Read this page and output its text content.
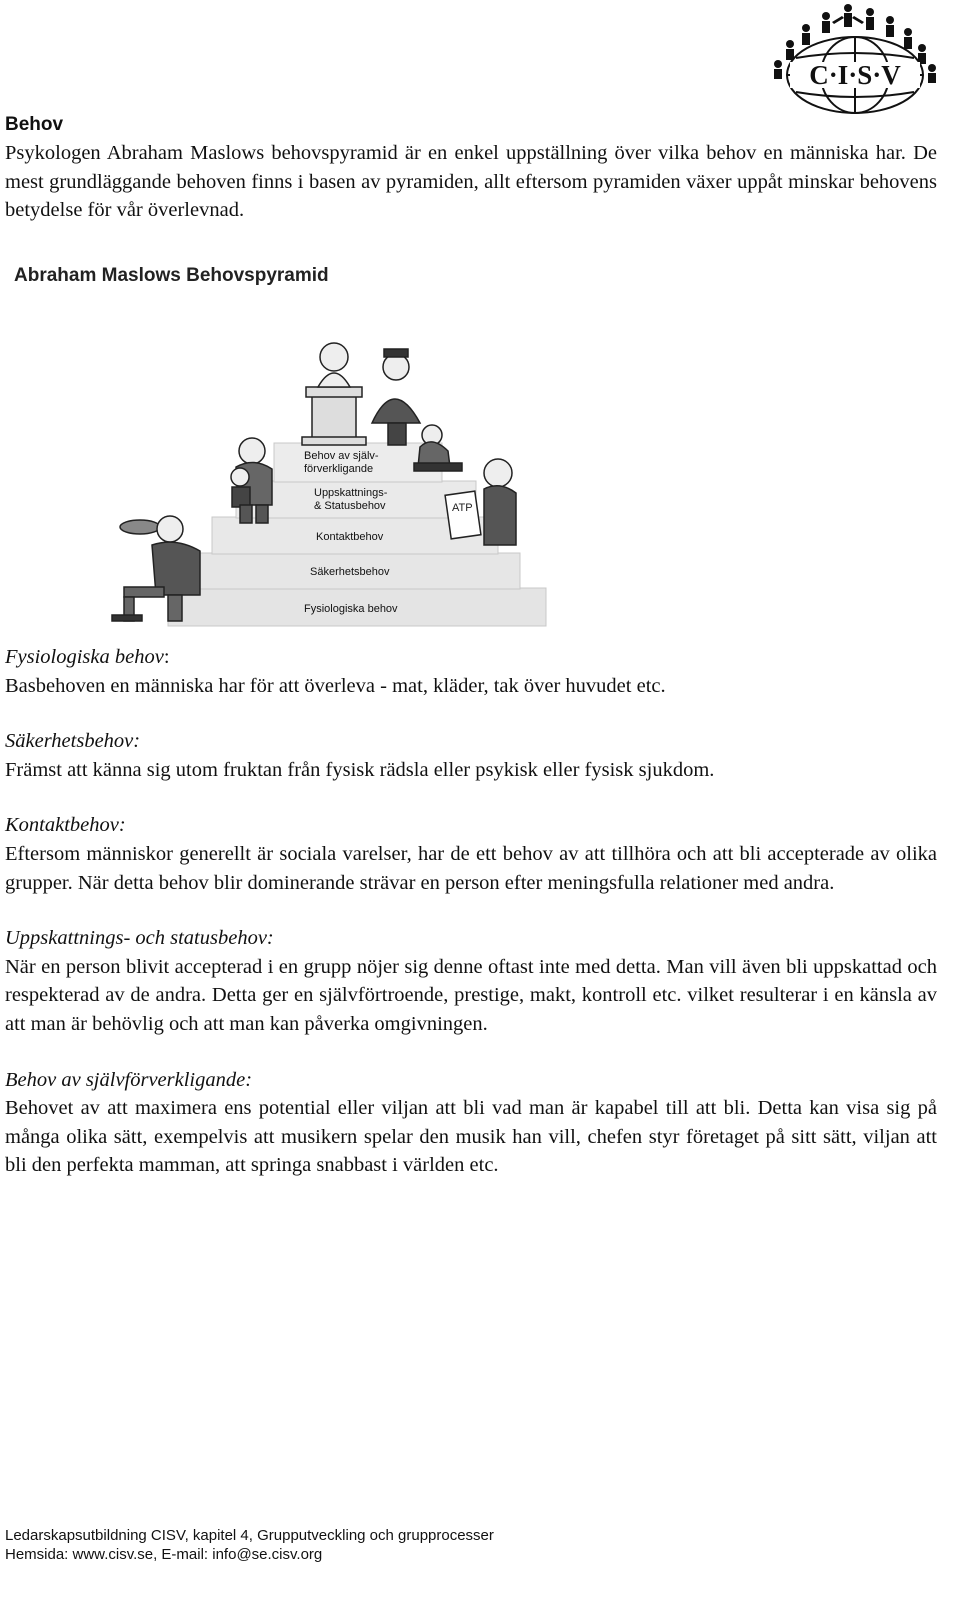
C·I·S·V
Behov
Psykologen Abraham Maslows behovspyramid är en enkel uppställning över vilka behov en människa har. De mest grundläggande behoven finns i basen av pyramiden, allt eftersom pyramiden växer uppåt minskar behovens betydelse för vår överlevnad.
Abraham Maslows Behovspyramid
Behov av själv-
förverkligande
Uppskattnings-
& Statusbehov
Kontaktbehov
Säkerhetsbehov
Fysiologiska behov
ATP
Fysiologiska behov:
Basbehoven en människa har för att överleva - mat, kläder, tak över huvudet etc.
Säkerhetsbehov:
Främst att känna sig utom fruktan från fysisk rädsla eller psykisk eller fysisk sjukdom.
Kontaktbehov:
Eftersom människor generellt är sociala varelser, har de ett behov av att tillhöra och att bli accepterade av olika grupper. När detta behov blir dominerande strävar en person efter meningsfulla relationer med andra.
Uppskattnings- och statusbehov:
När en person blivit accepterad i en grupp nöjer sig denne oftast inte med detta. Man vill även bli uppskattad och respekterad av de andra. Detta ger en självförtroende, prestige, makt, kontroll etc. vilket resulterar i en känsla av att man är behövlig och att man kan påverka omgivningen.
Behov av självförverkligande:
Behovet av att maximera ens potential eller viljan att bli vad man är kapabel till att bli. Detta kan visa sig på många olika sätt, exempelvis att musikern spelar den musik han vill, chefen styr företaget på sitt sätt, viljan att bli den perfekta mamman, att springa snabbast i världen etc.
Ledarskapsutbildning CISV, kapitel 4, Grupputveckling och grupprocesser
Hemsida: www.cisv.se, E-mail: info@se.cisv.org
